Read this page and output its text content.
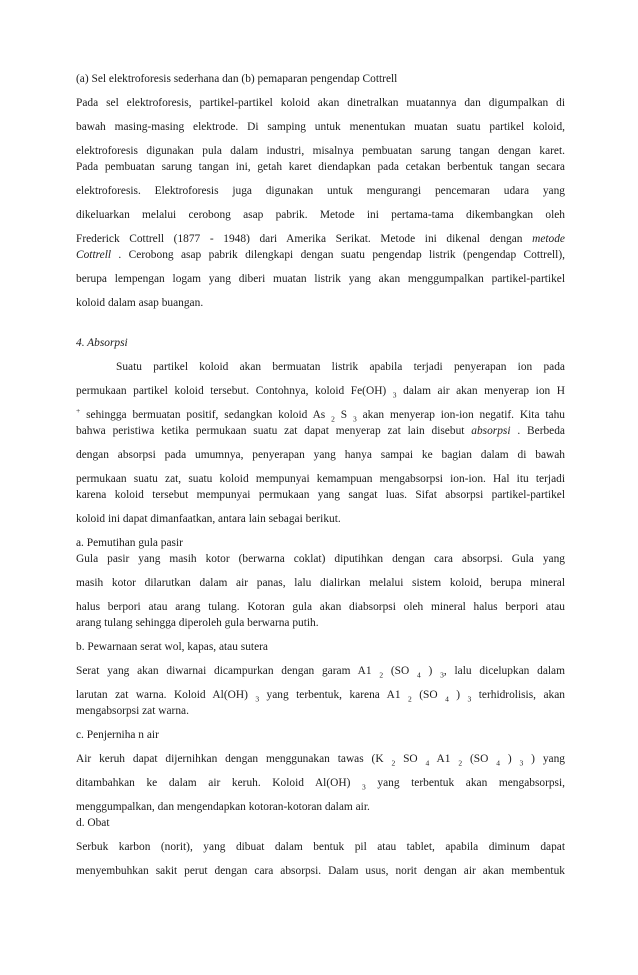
(a) Sel elektroforesis sederhana dan (b) pemaparan pengendap Cottrell
Pada sel elektroforesis, partikel-partikel koloid akan dinetralkan muatannya dan digumpalkan di
bawah masing-masing elektrode. Di samping untuk menentukan muatan suatu partikel koloid,
elektroforesis digunakan pula dalam industri, misalnya pembuatan sarung tangan dengan karet.
Pada pembuatan sarung tangan ini, getah karet diendapkan pada cetakan berbentuk tangan secara
elektroforesis. Elektroforesis juga digunakan untuk mengurangi pencemaran udara yang
dikeluarkan melalui cerobong asap pabrik. Metode ini pertama-tama dikembangkan oleh
Frederick Cottrell (1877 - 1948) dari Amerika Serikat. Metode ini dikenal dengan metode
Cottrell . Cerobong asap pabrik dilengkapi dengan suatu pengendap listrik (pengendap Cottrell),
berupa lempengan logam yang diberi muatan listrik yang akan menggumpalkan partikel-partikel
koloid dalam asap buangan.
4. Absorpsi
Suatu partikel koloid akan bermuatan listrik apabila terjadi penyerapan ion pada
permukaan partikel koloid tersebut. Contohnya, koloid Fe(OH) $_3$ dalam air akan menyerap ion H
+ sehingga bermuatan positif, sedangkan koloid As $_2$ S $_3$ akan menyerap ion-ion negatif. Kita tahu
bahwa peristiwa ketika permukaan suatu zat dapat menyerap zat lain disebut absorpsi . Berbeda
dengan absorpsi pada umumnya, penyerapan yang hanya sampai ke bagian dalam di bawah
permukaan suatu zat, suatu koloid mempunyai kemampuan mengabsorpsi ion-ion. Hal itu terjadi
karena koloid tersebut mempunyai permukaan yang sangat luas. Sifat absorpsi partikel-partikel
koloid ini dapat dimanfaatkan, antara lain sebagai berikut.
a. Pemutihan gula pasir
Gula pasir yang masih kotor (berwarna coklat) diputihkan dengan cara absorpsi. Gula yang
masih kotor dilarutkan dalam air panas, lalu dialirkan melalui sistem koloid, berupa mineral
halus berpori atau arang tulang. Kotoran gula akan diabsorpsi oleh mineral halus berpori atau
arang tulang sehingga diperoleh gula berwarna putih.
b. Pewarnaan serat wol, kapas, atau sutera
Serat yang akan diwarnai dicampurkan dengan garam A1 $_2$ (SO $_4$ ) $_3$, lalu dicelupkan dalam
larutan zat warna. Koloid Al(OH) $_3$ yang terbentuk, karena A1 $_2$ (SO $_4$ ) $_3$ terhidrolisis, akan
mengabsorpsi zat warna.
c. Penjerniha n air
Air keruh dapat dijernihkan dengan menggunakan tawas (K $_2$ SO $_4$ A1 $_2$ (SO $_4$ ) $_3$ ) yang
ditambahkan ke dalam air keruh. Koloid Al(OH) $_3$ yang terbentuk akan mengabsorpsi,
menggumpalkan, dan mengendapkan kotoran-kotoran dalam air.
d. Obat
Serbuk karbon (norit), yang dibuat dalam bentuk pil atau tablet, apabila diminum dapat
menyembuhkan sakit perut dengan cara absorpsi. Dalam usus, norit dengan air akan membentuk
